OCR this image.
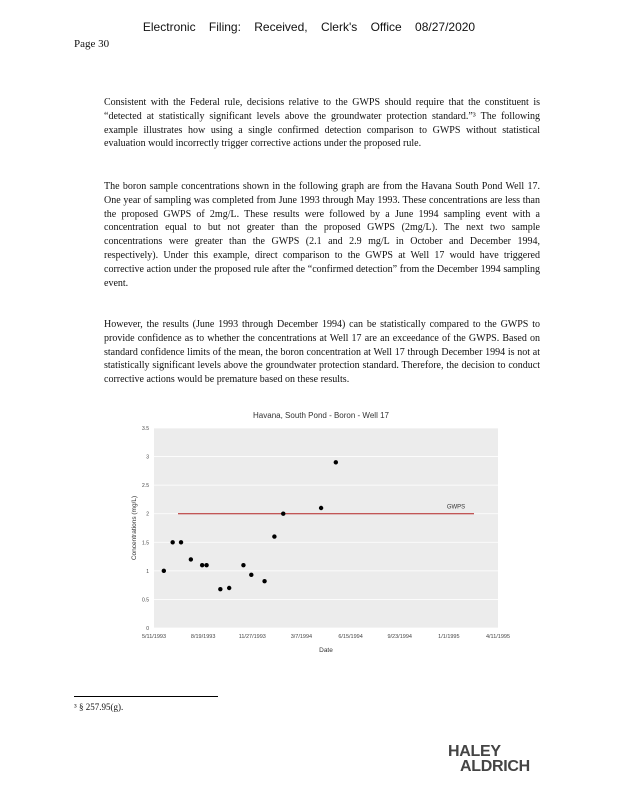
Electronic Filing: Received, Clerk's Office 08/27/2020
Page 30

Consistent with the Federal rule, decisions relative to the GWPS should require that the constituent is “detected at statistically significant levels above the groundwater protection standard.”³ The following example illustrates how using a single confirmed detection comparison to GWPS without statistical evaluation would incorrectly trigger corrective actions under the proposed rule.

The boron sample concentrations shown in the following graph are from the Havana South Pond Well 17. One year of sampling was completed from June 1993 through May 1993. These concentrations are less than the proposed GWPS of 2mg/L. These results were followed by a June 1994 sampling event with a concentration equal to but not greater than the proposed GWPS (2mg/L). The next two sample concentrations were greater than the GWPS (2.1 and 2.9 mg/L in October and December 1994, respectively). Under this example, direct comparison to the GWPS at Well 17 would have triggered corrective action under the proposed rule after the “confirmed detection” from the December 1994 sampling event.

However, the results (June 1993 through December 1994) can be statistically compared to the GWPS to provide confidence as to whether the concentrations at Well 17 are an exceedance of the GWPS. Based on standard confidence limits of the mean, the boron concentration at Well 17 through December 1994 is not at statistically significant levels above the groundwater protection standard. Therefore, the decision to conduct corrective actions would be premature based on these results.

Havana, South Pond - Boron - Well 17
0
0.5
1
1.5
2
2.5
3
3.5
5/11/1993	8/19/1993	11/27/1993	3/7/1994	6/15/1994	9/23/1994	1/1/1995	4/11/1995
GWPS
Concentrations (mg/L)
Date
³ § 257.95(g).
HALEY
ALDRICH
